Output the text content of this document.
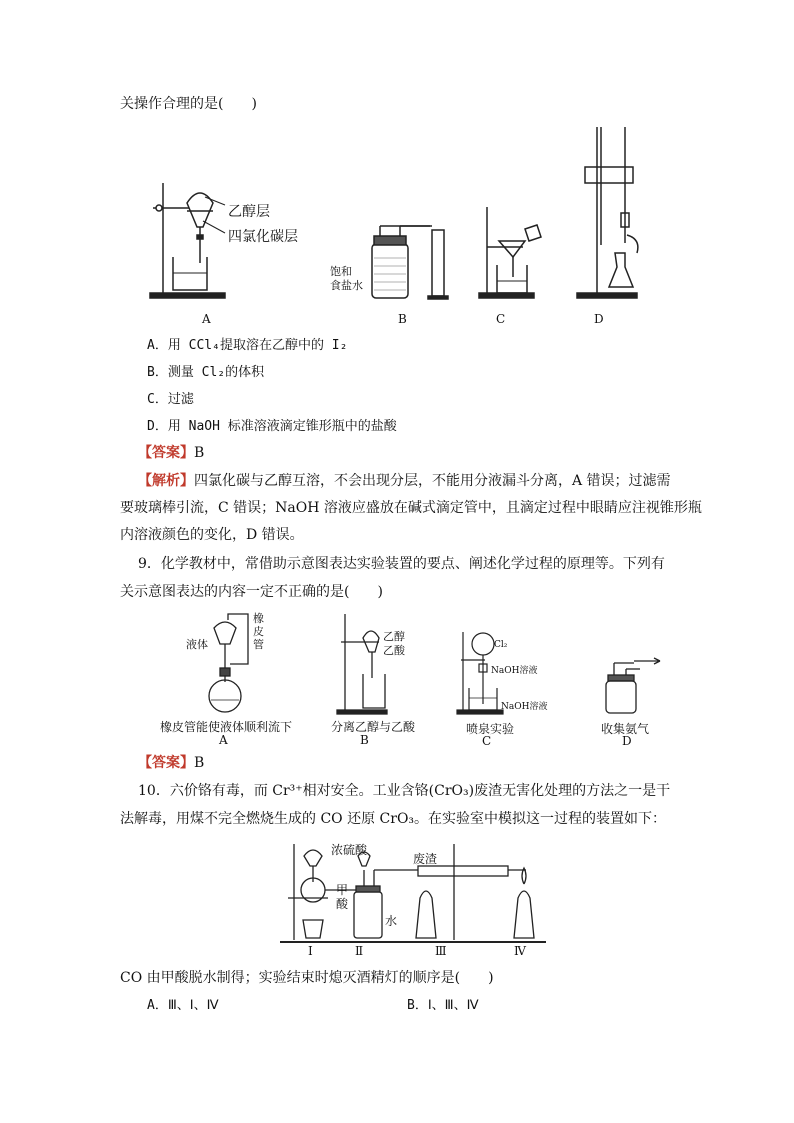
关操作合理的是(　　)
乙醇层
四氯化碳层
A
饱和
食盐水
B	C	D
A．用 CCl₄提取溶在乙醇中的 I₂
B．测量 Cl₂的体积
C．过滤
D．用 NaOH 标准溶液滴定锥形瓶中的盐酸
【答案】B
【解析】四氯化碳与乙醇互溶，不会出现分层，不能用分液漏斗分离，A 错误；过滤需
要玻璃棒引流，C 错误；NaOH 溶液应盛放在碱式滴定管中，且滴定过程中眼睛应注视锥形瓶
内溶液颜色的变化，D 错误。
9．化学教材中，常借助示意图表达实验装置的要点、阐述化学过程的原理等。下列有
关示意图表达的内容一定不正确的是(　　)
液体
橡
皮
管
橡皮管能使液体顺利流下
A
乙醇
乙酸
分离乙醇与乙酸
B
Cl₂
NaOH溶液
NaOH溶液
喷泉实验
C
收集氨气
D
【答案】B
10．六价铬有毒，而 Cr³⁺相对安全。工业含铬(CrO₃)废渣无害化处理的方法之一是干
法解毒，用煤不完全燃烧生成的 CO 还原 CrO₃。在实验室中模拟这一过程的装置如下：
浓硫酸
甲
酸
水
废渣
Ⅰ	Ⅱ	Ⅲ	Ⅳ
CO 由甲酸脱水制得；实验结束时熄灭酒精灯的顺序是(　　)
A．Ⅲ、Ⅰ、Ⅳ	B．Ⅰ、Ⅲ、Ⅳ
